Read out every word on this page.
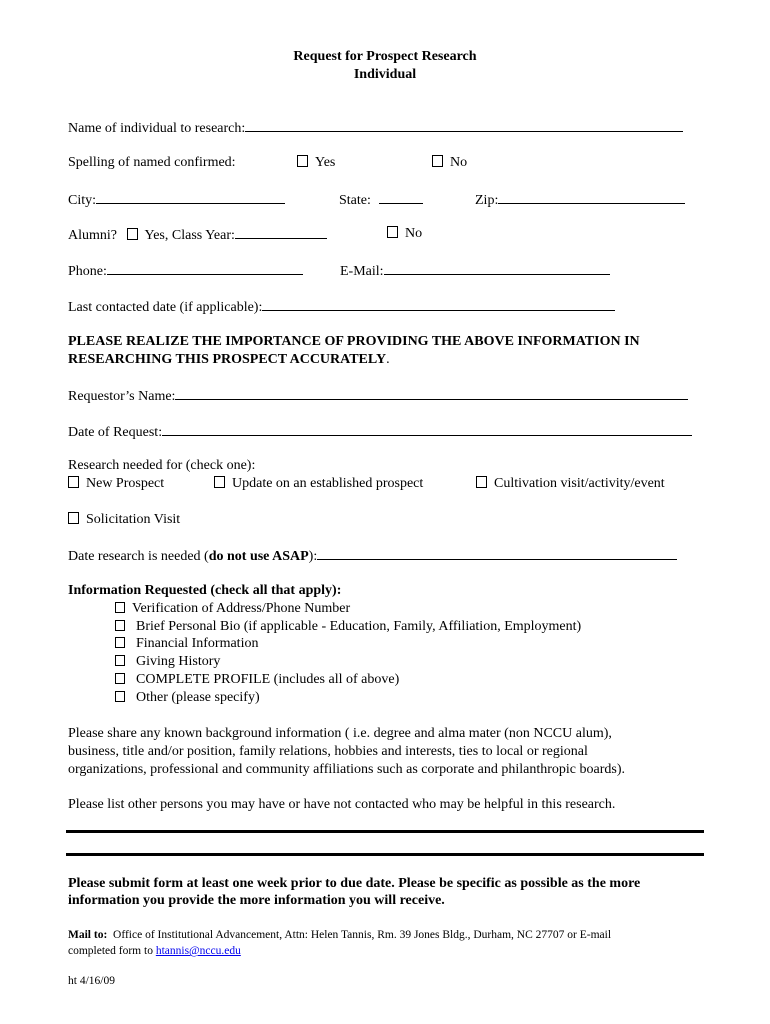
Request for Prospect Research
Individual
Name of individual to research:
Spelling of named confirmed:	Yes	No
City:	State:	Zip:
Alumni? Yes, Class Year:	No
Phone:	E-Mail:
Last contacted date (if applicable):
PLEASE REALIZE THE IMPORTANCE OF PROVIDING THE ABOVE INFORMATION IN RESEARCHING THIS PROSPECT ACCURATELY.
Requestor’s Name:
Date of Request:
Research needed for (check one):
New Prospect	Update on an established prospect	Cultivation visit/activity/event
Solicitation Visit
Date research is needed (do not use ASAP):
Information Requested (check all that apply):
Verification of Address/Phone Number
Brief Personal Bio (if applicable - Education, Family, Affiliation, Employment)
Financial Information
Giving History
COMPLETE PROFILE (includes all of above)
Other (please specify)
Please share any known background information ( i.e. degree and alma mater (non NCCU alum),
business, title and/or position, family relations, hobbies and interests, ties to local or regional
organizations, professional and community affiliations such as corporate and philanthropic boards).
Please list other persons you may have or have not contacted who may be helpful in this research.
Please submit form at least one week prior to due date. Please be specific as possible as the more
information you provide the more information you will receive.
Mail to: Office of Institutional Advancement, Attn: Helen Tannis, Rm. 39 Jones Bldg., Durham, NC 27707 or E-mail
completed form to htannis@nccu.edu
ht 4/16/09
